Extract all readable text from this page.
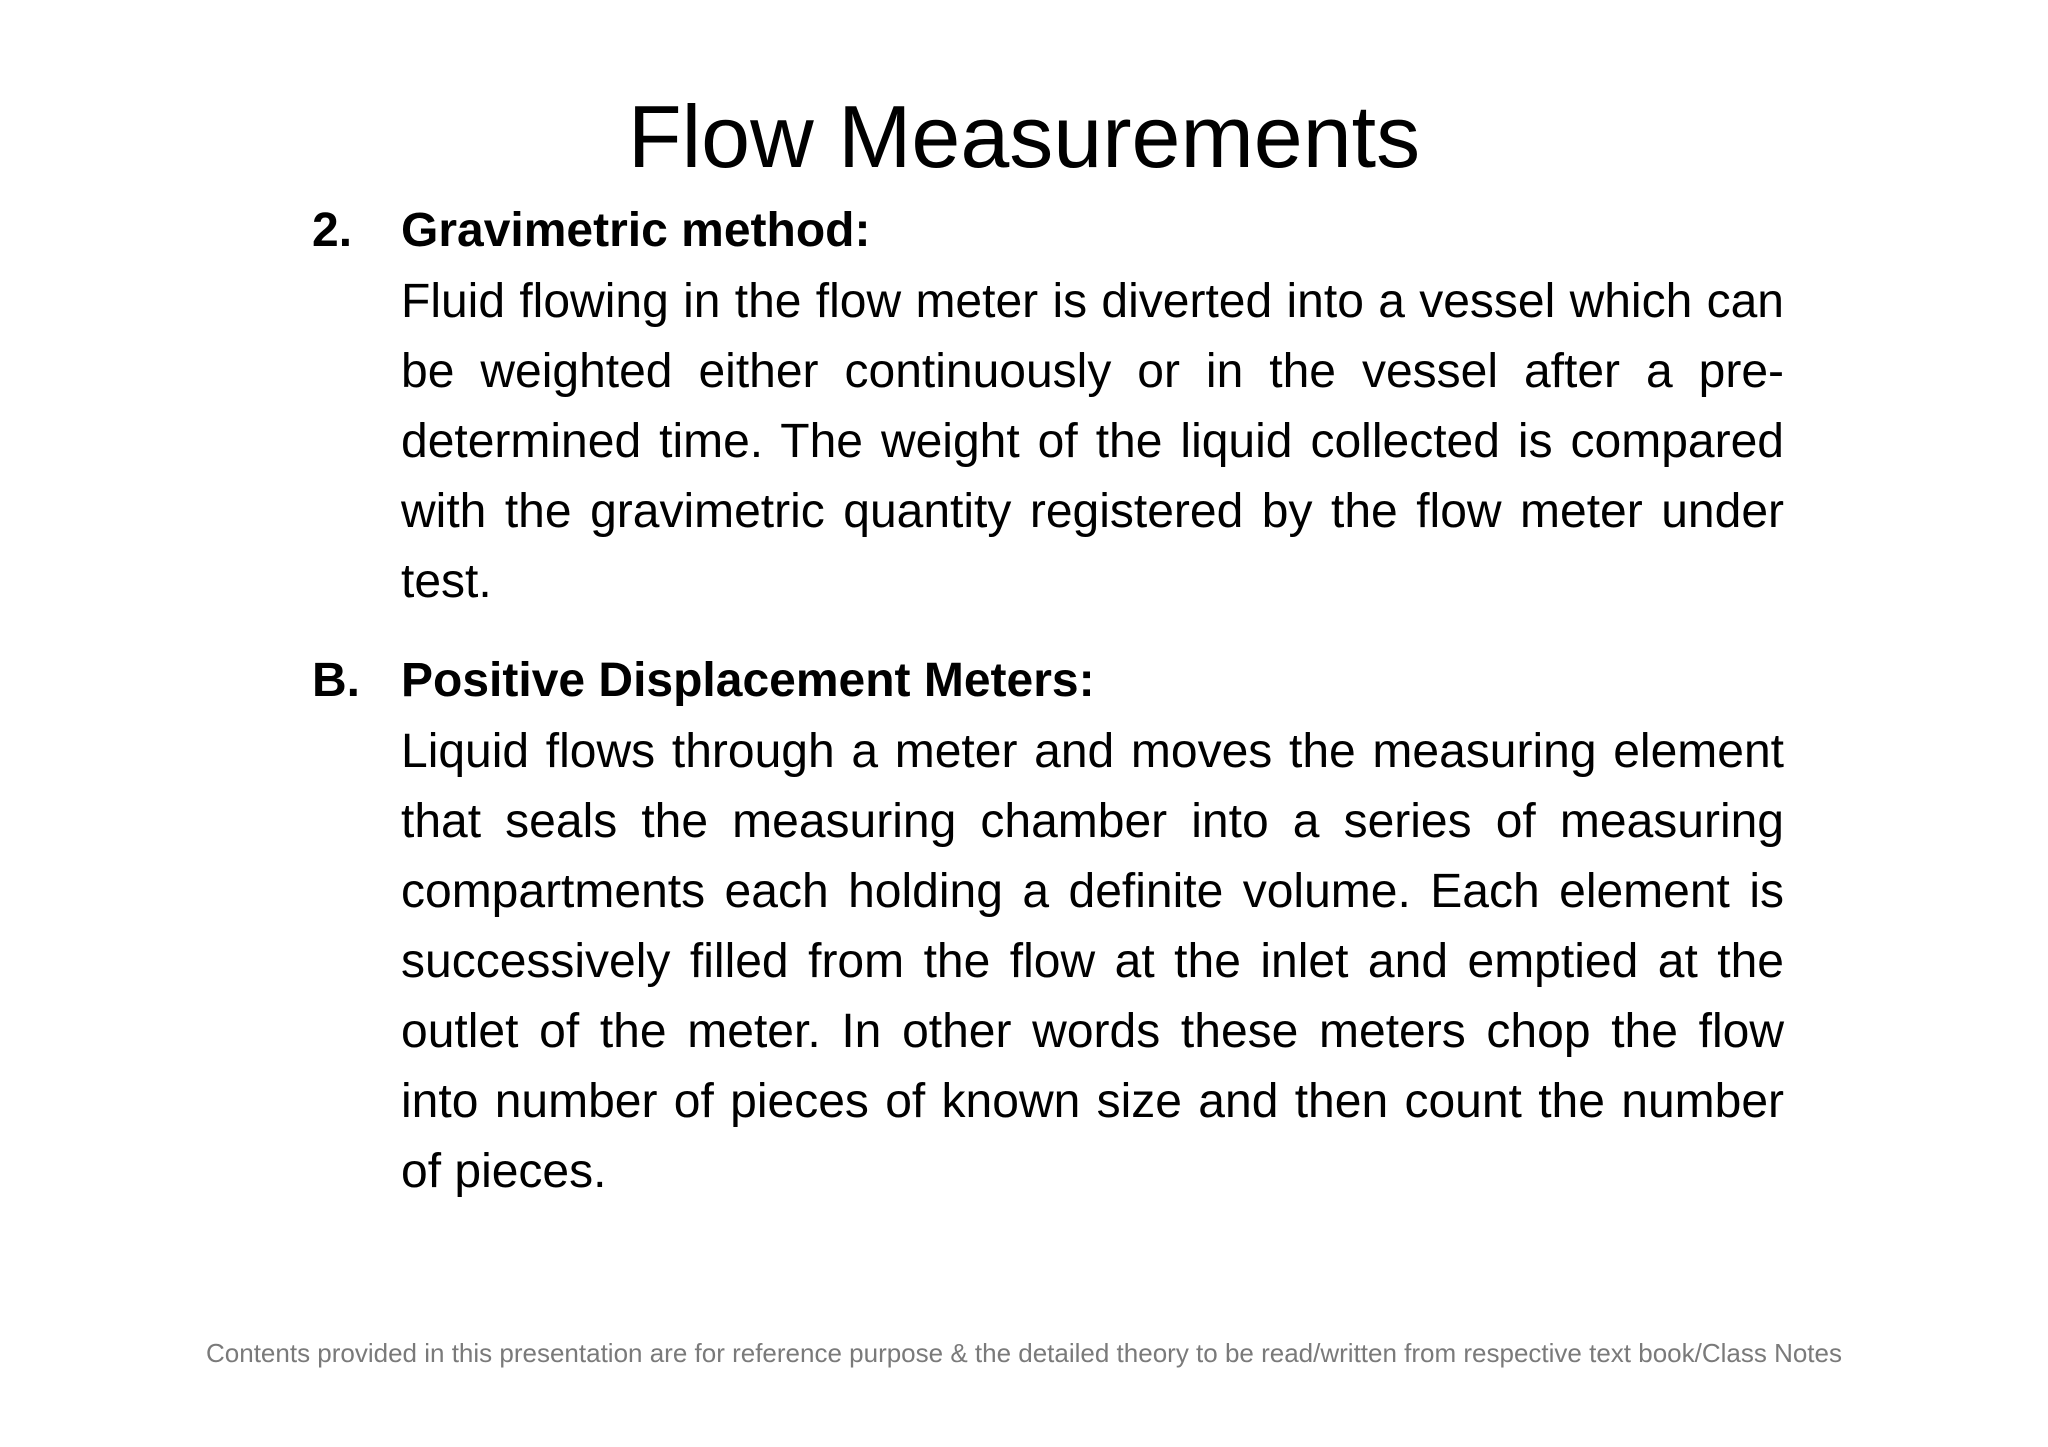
Flow Measurements
2. Gravimetric method:
Fluid flowing in the flow meter is diverted into a vessel which can be weighted either continuously or in the vessel after a pre-determined time. The weight of the liquid collected is compared with the gravimetric quantity registered by the flow meter under test.
B. Positive Displacement Meters:
Liquid flows through a meter and moves the measuring element that seals the measuring chamber into a series of measuring compartments each holding a definite volume. Each element is successively filled from the flow at the inlet and emptied at the outlet of the meter. In other words these meters chop the flow into number of pieces of known size and then count the number of pieces.
Contents provided in this presentation are for reference purpose & the detailed theory to be read/written from respective text book/Class Notes
